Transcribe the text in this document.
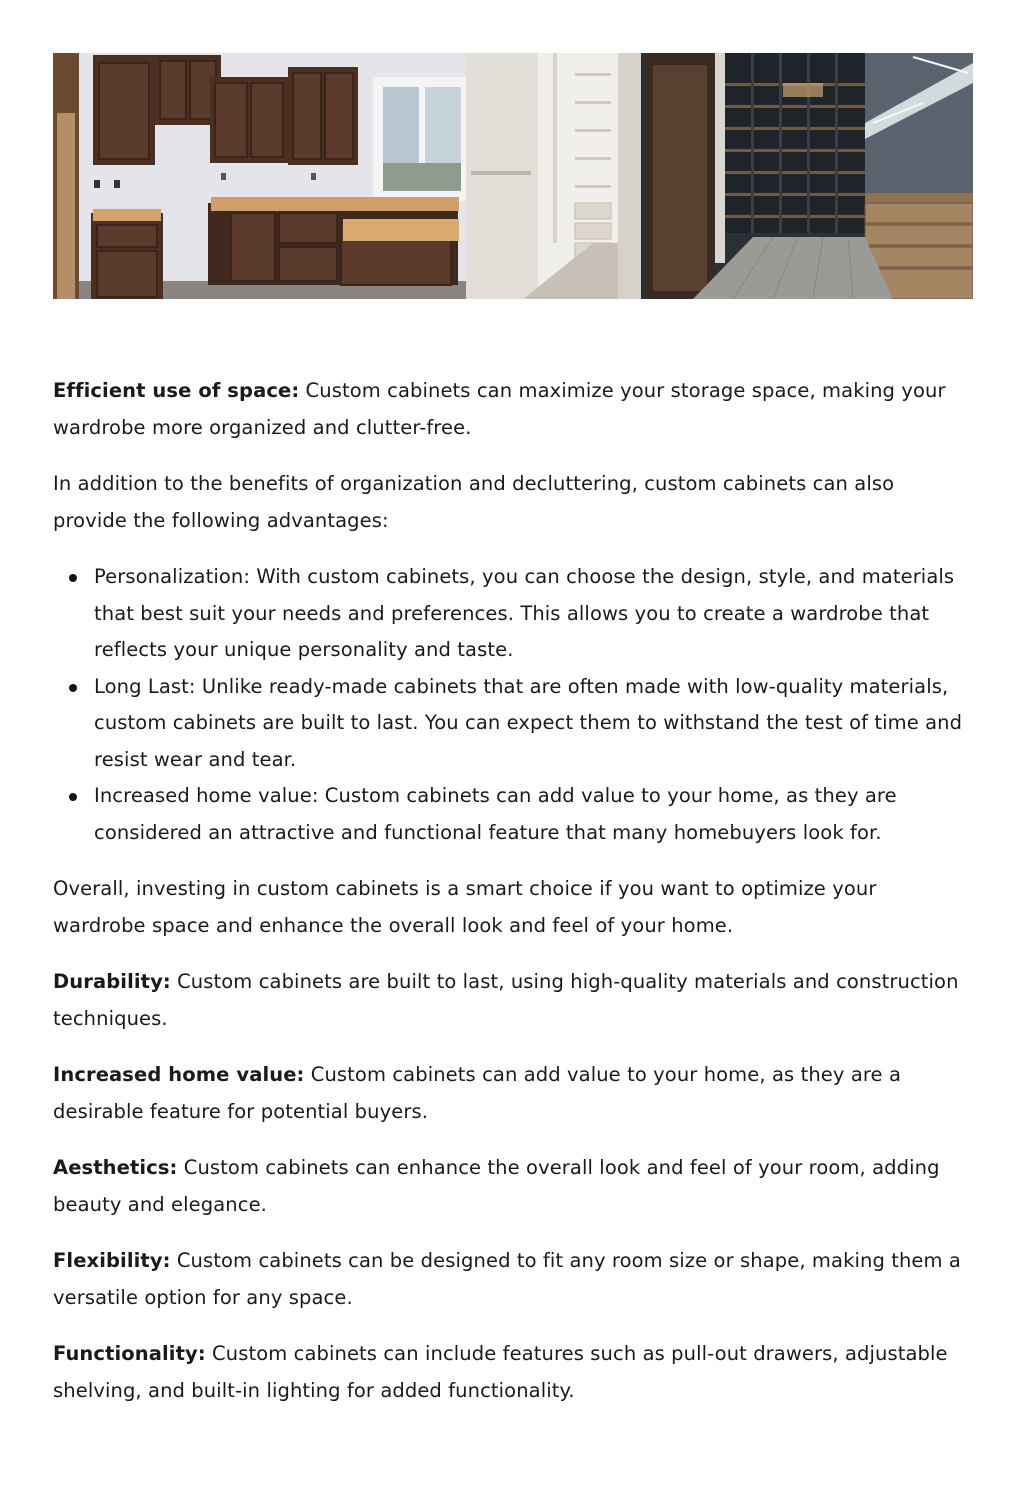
Efficient use of space: Custom cabinets can maximize your storage space, making your wardrobe more organized and clutter-free.

In addition to the benefits of organization and decluttering, custom cabinets can also provide the following advantages:

Personalization: With custom cabinets, you can choose the design, style, and materials that best suit your needs and preferences. This allows you to create a wardrobe that reflects your unique personality and taste.
Long Last: Unlike ready-made cabinets that are often made with low-quality materials, custom cabinets are built to last. You can expect them to withstand the test of time and resist wear and tear.
Increased home value: Custom cabinets can add value to your home, as they are considered an attractive and functional feature that many homebuyers look for.

Overall, investing in custom cabinets is a smart choice if you want to optimize your wardrobe space and enhance the overall look and feel of your home.

Durability: Custom cabinets are built to last, using high-quality materials and construction techniques.

Increased home value: Custom cabinets can add value to your home, as they are a desirable feature for potential buyers.

Aesthetics: Custom cabinets can enhance the overall look and feel of your room, adding beauty and elegance.

Flexibility: Custom cabinets can be designed to fit any room size or shape, making them a versatile option for any space.

Functionality: Custom cabinets can include features such as pull-out drawers, adjustable shelving, and built-in lighting for added functionality.
